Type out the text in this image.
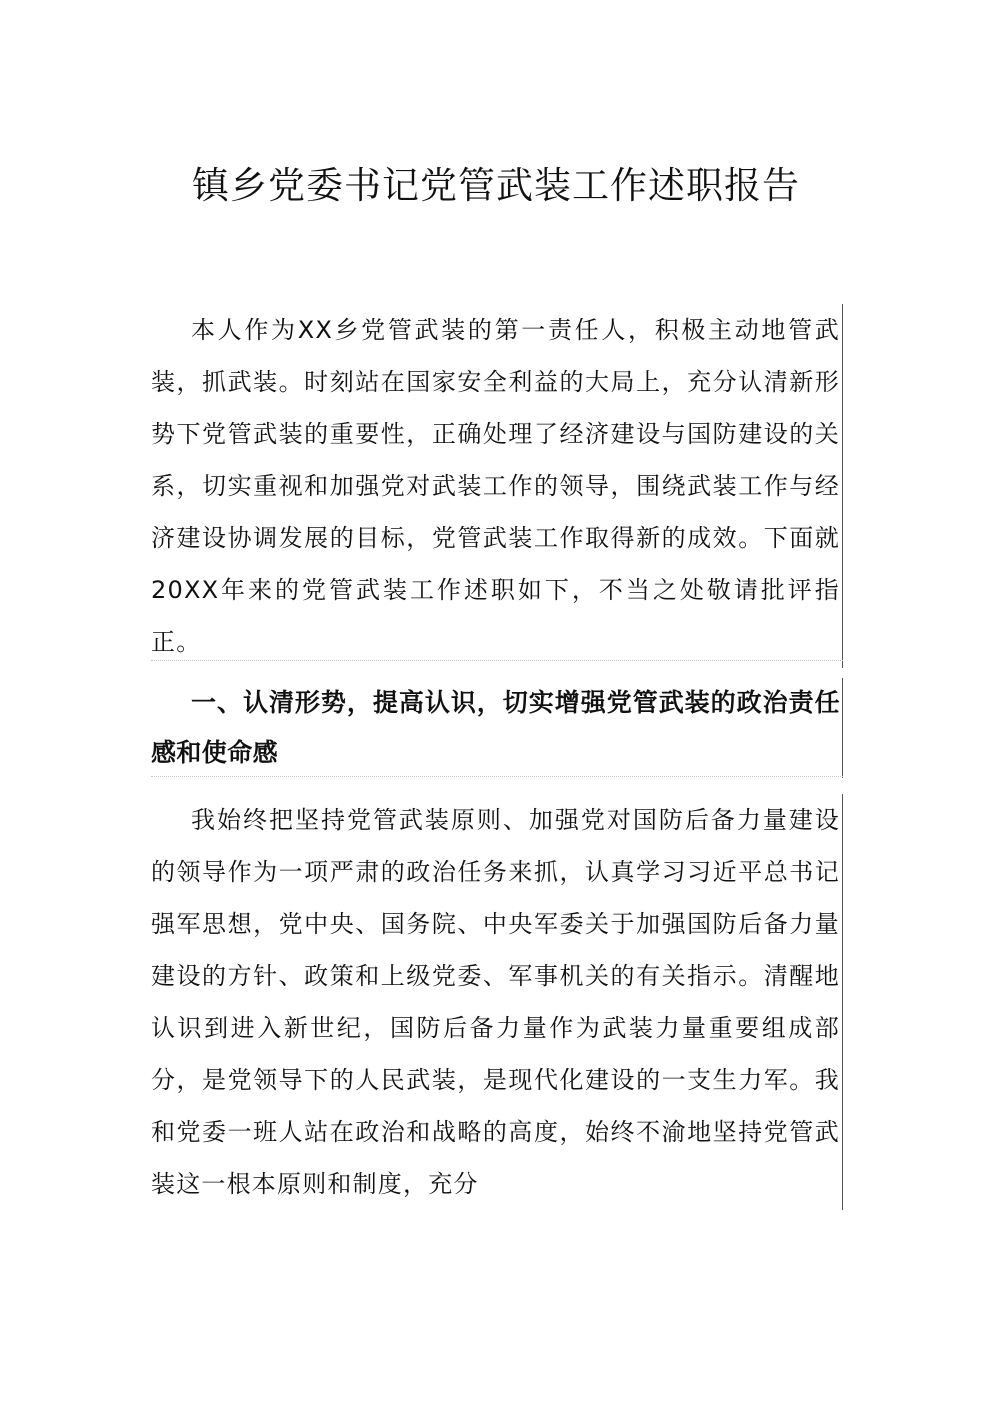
镇乡党委书记党管武装工作述职报告

本人作为XX乡党管武装的第一责任人，积极主动地管武装，抓武装。时刻站在国家安全利益的大局上，充分认清新形势下党管武装的重要性，正确处理了经济建设与国防建设的关系，切实重视和加强党对武装工作的领导，围绕武装工作与经济建设协调发展的目标，党管武装工作取得新的成效。下面就20XX年来的党管武装工作述职如下，不当之处敬请批评指正。

一、认清形势，提高认识，切实增强党管武装的政治责任感和使命感

我始终把坚持党管武装原则、加强党对国防后备力量建设的领导作为一项严肃的政治任务来抓，认真学习习近平总书记强军思想，党中央、国务院、中央军委关于加强国防后备力量建设的方针、政策和上级党委、军事机关的有关指示。清醒地认识到进入新世纪，国防后备力量作为武装力量重要组成部分，是党领导下的人民武装，是现代化建设的一支生力军。我和党委一班人站在政治和战略的高度，始终不渝地坚持党管武装这一根本原则和制度，充分
